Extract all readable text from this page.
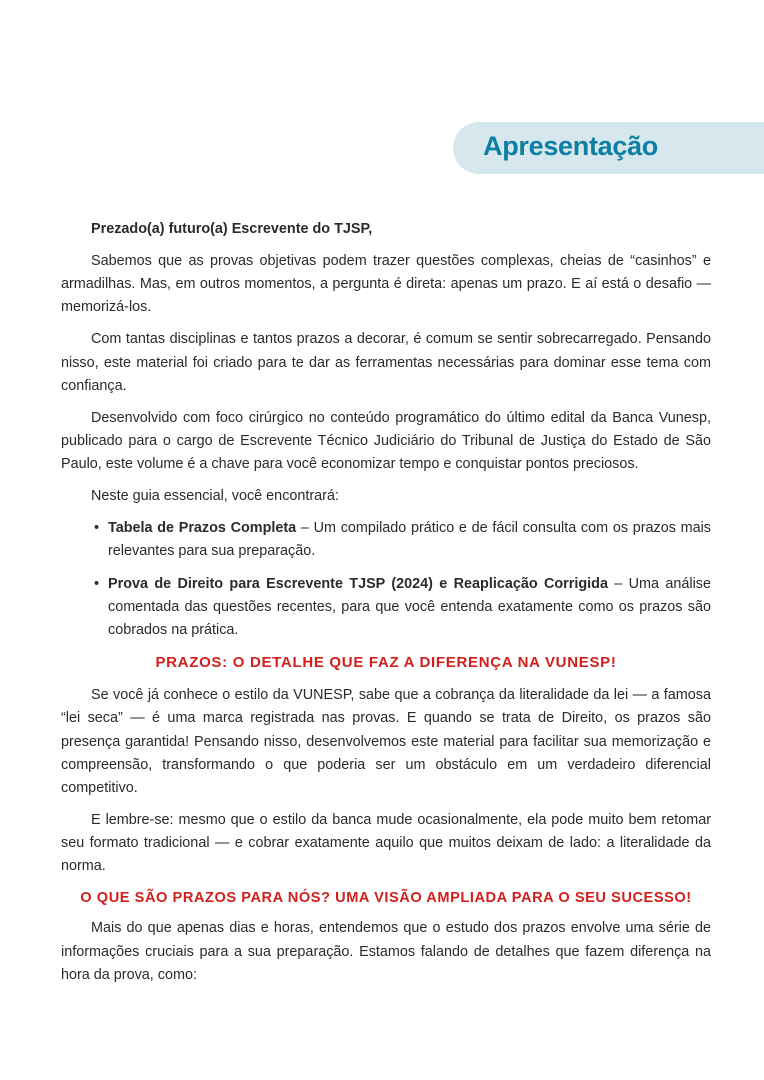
Apresentação

Prezado(a) futuro(a) Escrevente do TJSP,

Sabemos que as provas objetivas podem trazer questões complexas, cheias de “casinhos” e armadilhas. Mas, em outros momentos, a pergunta é direta: apenas um prazo. E aí está o desafio — memorizá-los.

Com tantas disciplinas e tantos prazos a decorar, é comum se sentir sobrecarregado. Pensando nisso, este material foi criado para te dar as ferramentas necessárias para dominar esse tema com confiança.

Desenvolvido com foco cirúrgico no conteúdo programático do último edital da Banca Vunesp, publicado para o cargo de Escrevente Técnico Judiciário do Tribunal de Justiça do Estado de São Paulo, este volume é a chave para você economizar tempo e conquistar pontos preciosos.

Neste guia essencial, você encontrará:

• Tabela de Prazos Completa – Um compilado prático e de fácil consulta com os prazos mais relevantes para sua preparação.
• Prova de Direito para Escrevente TJSP (2024) e Reaplicação Corrigida – Uma análise comentada das questões recentes, para que você entenda exatamente como os prazos são cobrados na prática.
PRAZOS: O DETALHE QUE FAZ A DIFERENÇA NA VUNESP!

Se você já conhece o estilo da VUNESP, sabe que a cobrança da literalidade da lei — a famosa “lei seca” — é uma marca registrada nas provas. E quando se trata de Direito, os prazos são presença garantida! Pensando nisso, desenvolvemos este material para facilitar sua memorização e compreensão, transformando o que poderia ser um obstáculo em um verdadeiro diferencial competitivo.

E lembre-se: mesmo que o estilo da banca mude ocasionalmente, ela pode muito bem retomar seu formato tradicional — e cobrar exatamente aquilo que muitos deixam de lado: a literalidade da norma.

O QUE SÃO PRAZOS PARA NÓS? UMA VISÃO AMPLIADA PARA O SEU SUCESSO!

Mais do que apenas dias e horas, entendemos que o estudo dos prazos envolve uma série de informações cruciais para a sua preparação. Estamos falando de detalhes que fazem diferença na hora da prova, como:
